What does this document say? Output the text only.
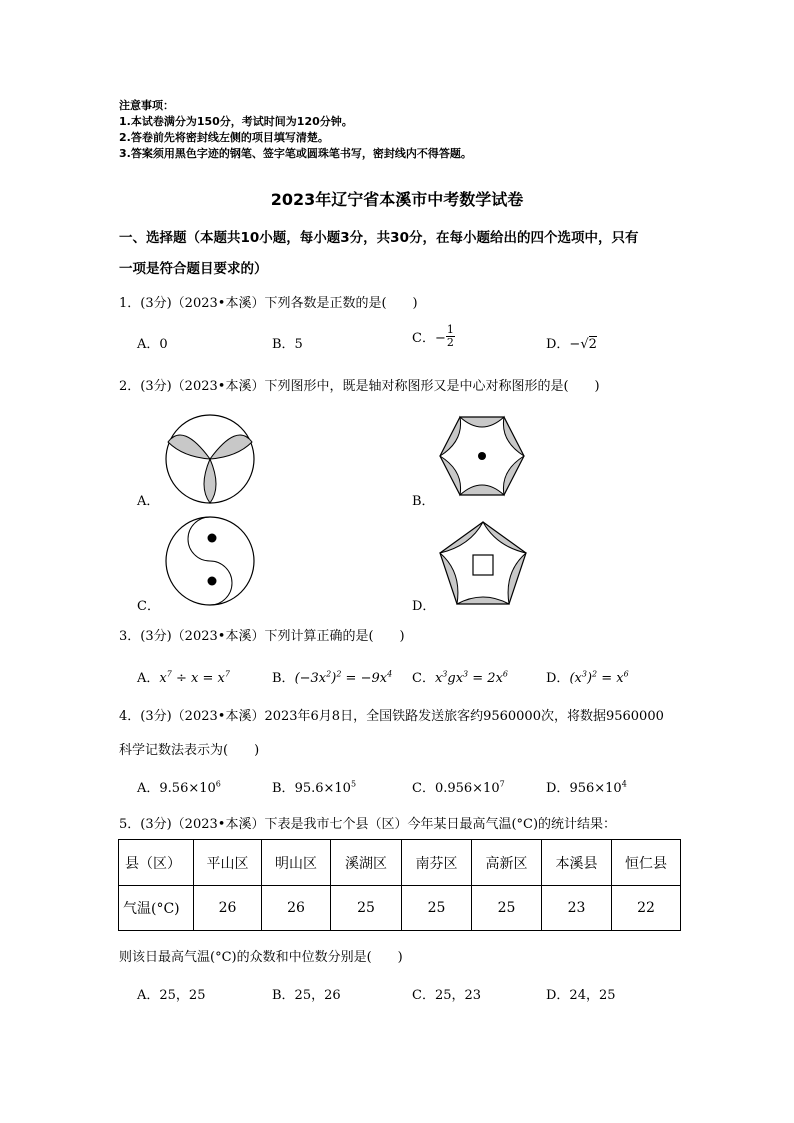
注意事项：
1.本试卷满分为150分，考试时间为120分钟。
2.答卷前先将密封线左侧的项目填写清楚。
3.答案须用黑色字迹的钢笔、签字笔或圆珠笔书写，密封线内不得答题。
2023年辽宁省本溪市中考数学试卷
一、选择题（本题共10小题，每小题3分，共30分，在每小题给出的四个选项中，只有
一项是符合题目要求的）
1．(3分)（2023•本溪）下列各数是正数的是(　　)
A．0	B．5	C．− $\frac{1}{2}$	D．−√2
2．(3分)（2023•本溪）下列图形中，既是轴对称图形又是中心对称图形的是(　　)
A．	B．
C．	D．
3．(3分)（2023•本溪）下列计算正确的是(　　)
A．$x^7 \div x = x^7$	B．$(-3x^2)^2 = -9x^4$ C．$x^3gx^3 = 2x^6$	D．$(x^3)^2 = x^6$
4．(3分)（2023•本溪）2023年6月8日，全国铁路发送旅客约9560000次，将数据9560000
科学记数法表示为(　　)
A．$9.56\times 10^6$	B．$95.6\times 10^5$	C．$0.956\times 10^7$	D．$956\times 10^4$
5．(3分)（2023•本溪）下表是我市七个县（区）今年某日最高气温(°C)的统计结果：
县（区）	平山区	明山区	溪湖区	南芬区	高新区	本溪县	恒仁县
气温(°C)	26	26	25	25	25	23	22
则该日最高气温(°C)的众数和中位数分别是(　　)
A．25，25	B．25，26	C．25，23	D．24，25
